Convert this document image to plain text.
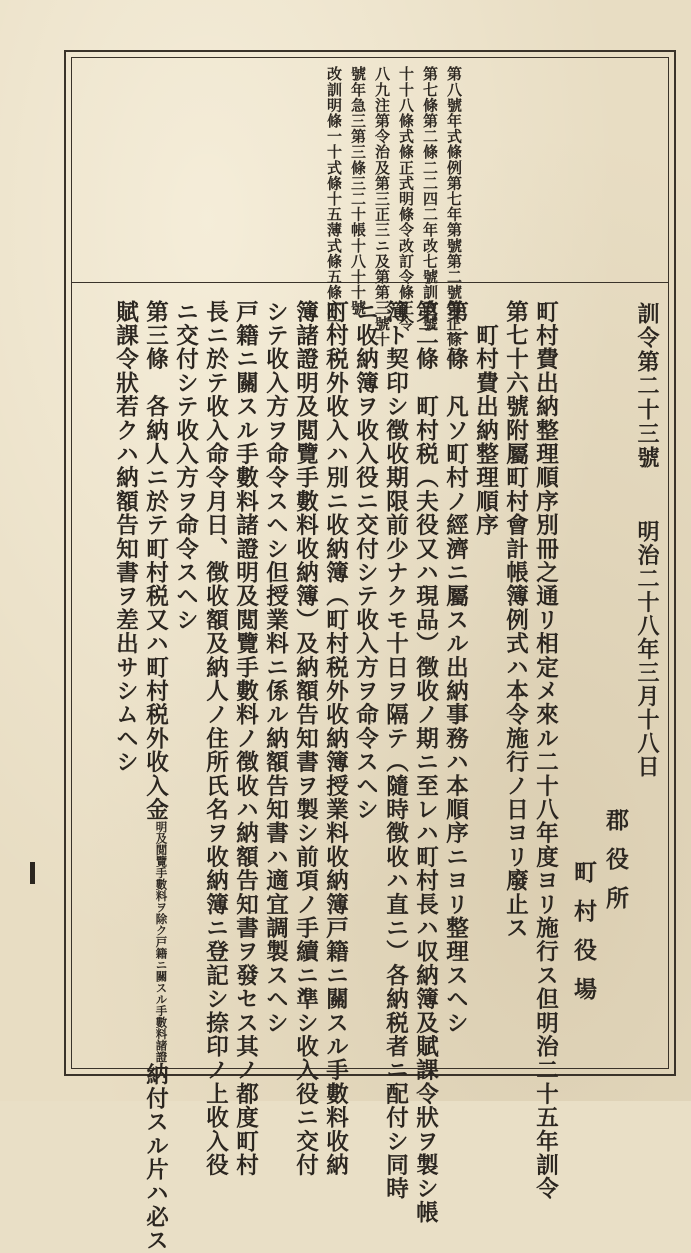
第八號年式條例第七年第號第二號第正條三
第七條第二條二二四二年改七號訓改號
十十八條式條正式明條令改訂令條正令
八九注第令治及第三正三ニ及第第三號十
號年急三第三條三二十帳十八十十號
改訓明條一十式條十五薄式條五條六六
訓令第二十三號
明治二十八年三月十八日
郡役所
町村役場
町村費出納整理順序別冊之通リ相定メ來ル二十八年度ヨリ施行ス但明治二十五年訓令
第七十六號附屬町村會計帳簿例式ハ本令施行ノ日ヨリ廢止ス
　町村費出納整理順序
第一條　凡ソ町村ノ經濟ニ屬スル出納事務ハ本順序ニヨリ整理スヘシ
第二條　町村税（夫役又ハ現品）徴收ノ期ニ至レハ町村長ハ収納簿及賦課令狀ヲ製シ帳
簿ト契印シ徴收期限前少ナクモ十日ヲ隔テ（隨時徴收ハ直ニ）各納税者ニ配付シ同時
ニ收納簿ヲ收入役ニ交付シテ收入方ヲ命令スヘシ
町村税外收入ハ別ニ收納簿（町村税外收納簿授業料收納簿戸籍ニ關スル手數料收納
簿諸證明及閲覽手數料收納簿）及納額告知書ヲ製シ前項ノ手續ニ準シ收入役ニ交付
シテ收入方ヲ命令スヘシ但授業料ニ係ル納額告知書ハ適宜調製スヘシ
戸籍ニ關スル手數料諸證明及閲覽手數料ノ徴收ハ納額告知書ヲ發セス其ノ都度町村
長ニ於テ收入命令月日、徴收額及納人ノ住所氏名ヲ收納簿ニ登記シ捺印ノ上收入役
ニ交付シテ收入方ヲ命令スヘシ
第三條　各納人ニ於テ町村税又ハ町村税外收入金
戸籍ニ關スル手數料諸證
明及閲覽手數料ヲ除ク
納付スル片ハ必ス
賦課令狀若クハ納額告知書ヲ差出サシムヘシ
